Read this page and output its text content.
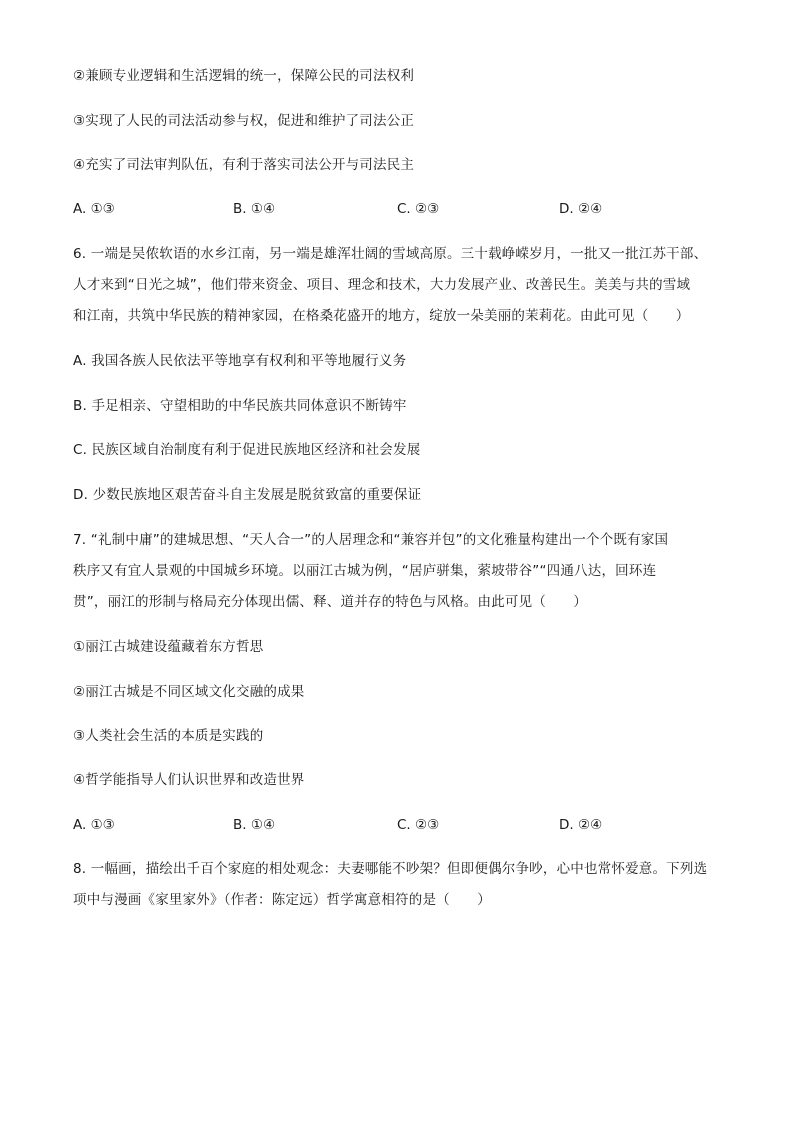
②兼顾专业逻辑和生活逻辑的统一，保障公民的司法权利
③实现了人民的司法活动参与权，促进和维护了司法公正
④充实了司法审判队伍，有利于落实司法公开与司法民主
A. ①③	B. ①④	C. ②③	D. ②④
6. 一端是吴侬软语的水乡江南，另一端是雄浑壮阔的雪域高原。三十载峥嵘岁月，一批又一批江苏干部、
人才来到“日光之城”，他们带来资金、项目、理念和技术，大力发展产业、改善民生。美美与共的雪域
和江南，共筑中华民族的精神家园，在格桑花盛开的地方，绽放一朵美丽的茉莉花。由此可见（　　）
A. 我国各族人民依法平等地享有权利和平等地履行义务
B. 手足相亲、守望相助的中华民族共同体意识不断铸牢
C. 民族区域自治制度有利于促进民族地区经济和社会发展
D. 少数民族地区艰苦奋斗自主发展是脱贫致富的重要保证
7. “礼制中庸”的建城思想、“天人合一”的人居理念和“兼容并包”的文化雅量构建出一个个既有家国
秩序又有宜人景观的中国城乡环境。以丽江古城为例，“居庐骈集，萦坡带谷”“四通八达，回环连
贯”，丽江的形制与格局充分体现出儒、释、道并存的特色与风格。由此可见（　　）
①丽江古城建设蕴藏着东方哲思
②丽江古城是不同区域文化交融的成果
③人类社会生活的本质是实践的
④哲学能指导人们认识世界和改造世界
A. ①③	B. ①④	C. ②③	D. ②④
8. 一幅画，描绘出千百个家庭的相处观念：夫妻哪能不吵架？但即便偶尔争吵，心中也常怀爱意。下列选
项中与漫画《家里家外》（作者：陈定远）哲学寓意相符的是（　　）
